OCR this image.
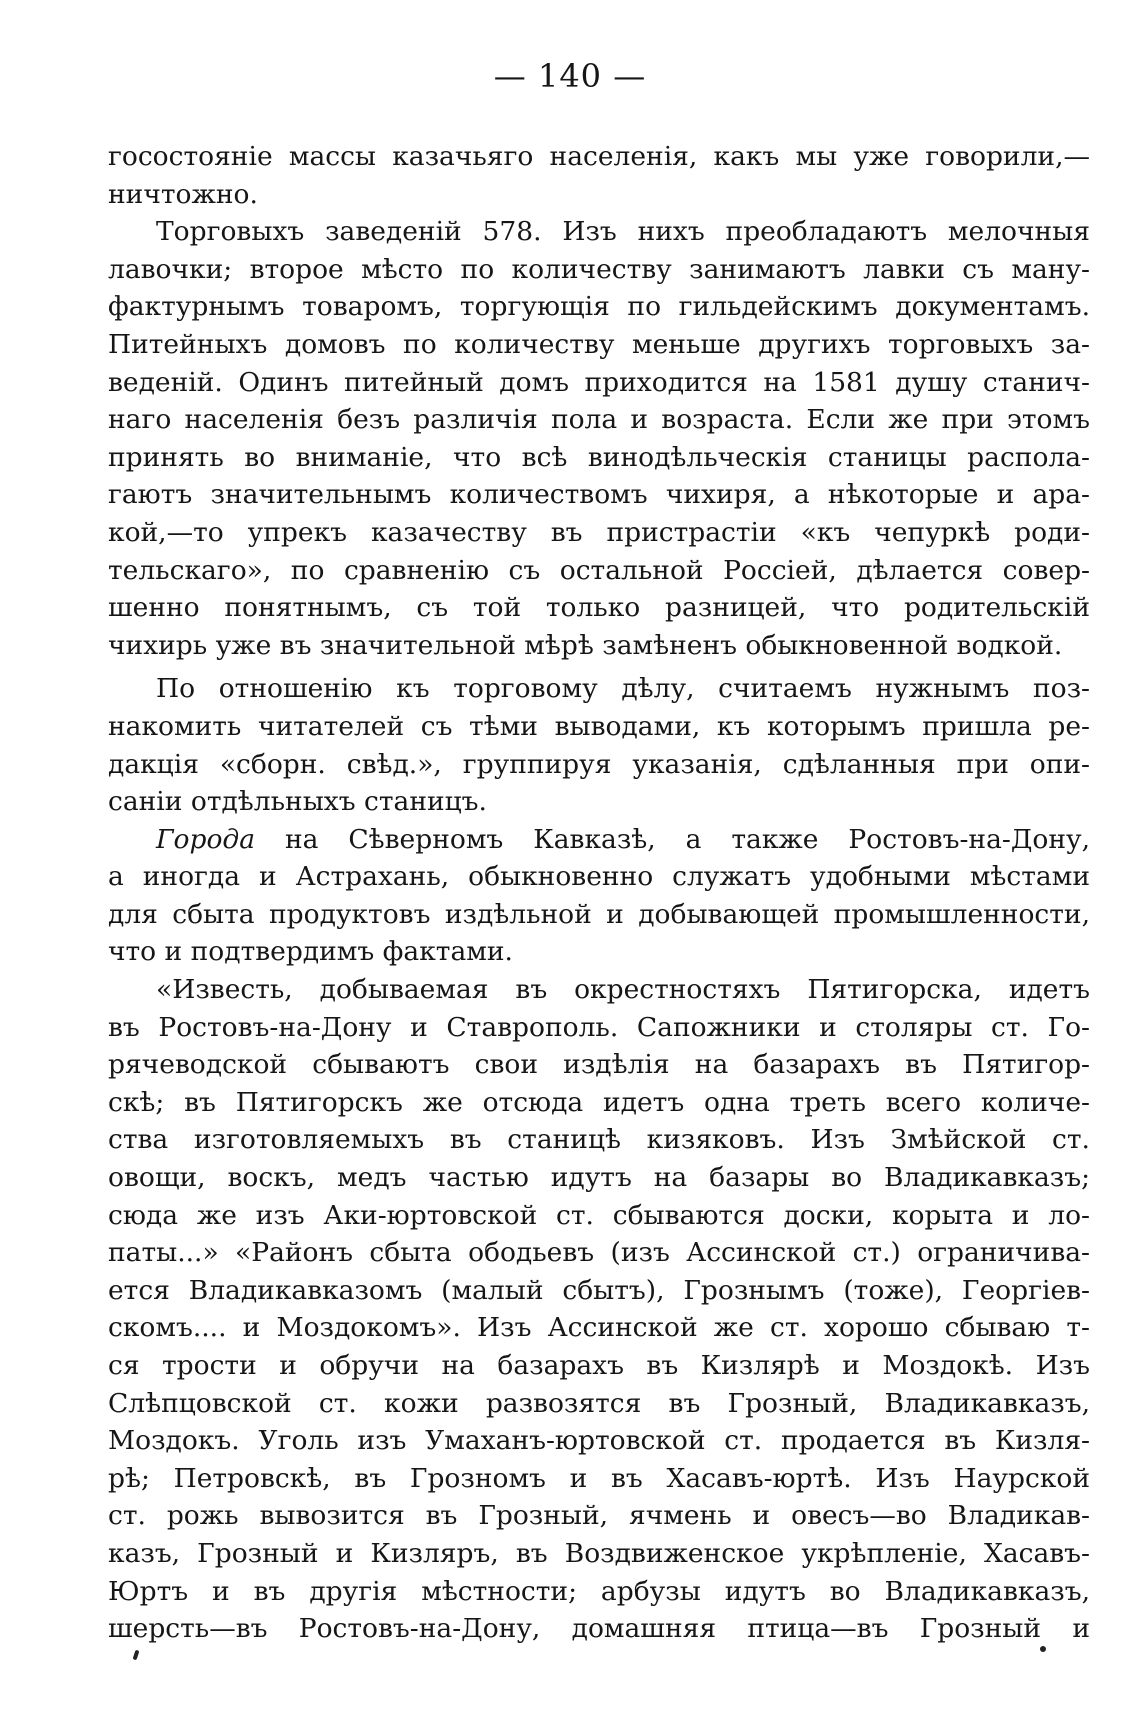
— 140 —
госостояніе массы казачьяго населенія, какъ мы уже говорили,—
ничтожно.
Торговыхъ заведеній 578. Изъ нихъ преобладаютъ мелочныя
лавочки; второе мѣсто по количеству занимаютъ лавки съ ману-
фактурнымъ товаромъ, торгующія по гильдейскимъ документамъ.
Питейныхъ домовъ по количеству меньше другихъ торговыхъ за-
веденій. Одинъ питейный домъ приходится на 1581 душу станич-
наго населенія безъ различія пола и возраста. Если же при этомъ
принять во вниманіе, что всѣ винодѣльческія станицы распола-
гаютъ значительнымъ количествомъ чихиря, а нѣкоторые и ара-
кой,—то упрекъ казачеству въ пристрастіи «къ чепуркѣ роди-
тельскаго», по сравненію съ остальной Россіей, дѣлается совер-
шенно понятнымъ, съ той только разницей, что родительскій
чихирь уже въ значительной мѣрѣ замѣненъ обыкновенной водкой.
По отношенію къ торговому дѣлу, считаемъ нужнымъ поз-
накомить читателей съ тѣми выводами, къ которымъ пришла ре-
дакція «сборн. свѣд.», группируя указанія, сдѣланныя при опи-
саніи отдѣльныхъ станицъ.
Города на Сѣверномъ Кавказѣ, а также Ростовъ-на-Дону,
а иногда и Астрахань, обыкновенно служатъ удобными мѣстами
для сбыта продуктовъ издѣльной и добывающей промышленности,
что и подтвердимъ фактами.
«Известь, добываемая въ окрестностяхъ Пятигорска, идетъ
въ Ростовъ-на-Дону и Ставрополь. Сапожники и столяры ст. Го-
рячеводской сбываютъ свои издѣлія на базарахъ въ Пятигор-
скѣ; въ Пятигорскъ же отсюда идетъ одна треть всего количе-
ства изготовляемыхъ въ станицѣ кизяковъ. Изъ Змѣйской ст.
овощи, воскъ, медъ частью идутъ на базары во Владикавказъ;
сюда же изъ Аки-юртовской ст. сбываются доски, корыта и ло-
паты...» «Районъ сбыта ободьевъ (изъ Ассинской ст.) ограничива-
ется Владикавказомъ (малый сбытъ), Грознымъ (тоже), Георгіев-
скомъ.... и Моздокомъ». Изъ Ассинской же ст. хорошо сбываю т-
ся трости и обручи на базарахъ въ Кизлярѣ и Моздокѣ. Изъ
Слѣпцовской ст. кожи развозятся въ Грозный, Владикавказъ,
Моздокъ. Уголь изъ Умаханъ-юртовской ст. продается въ Кизля-
рѣ; Петровскѣ, въ Грозномъ и въ Хасавъ-юртѣ. Изъ Наурской
ст. рожь вывозится въ Грозный, ячмень и овесъ—во Владикав-
казъ, Грозный и Кизляръ, въ Воздвиженское укрѣпленіе, Хасавъ-
Юртъ и въ другія мѣстности; арбузы идутъ во Владикавказъ,
шерсть—въ Ростовъ-на-Дону, домашняя птица—въ Грозный и
